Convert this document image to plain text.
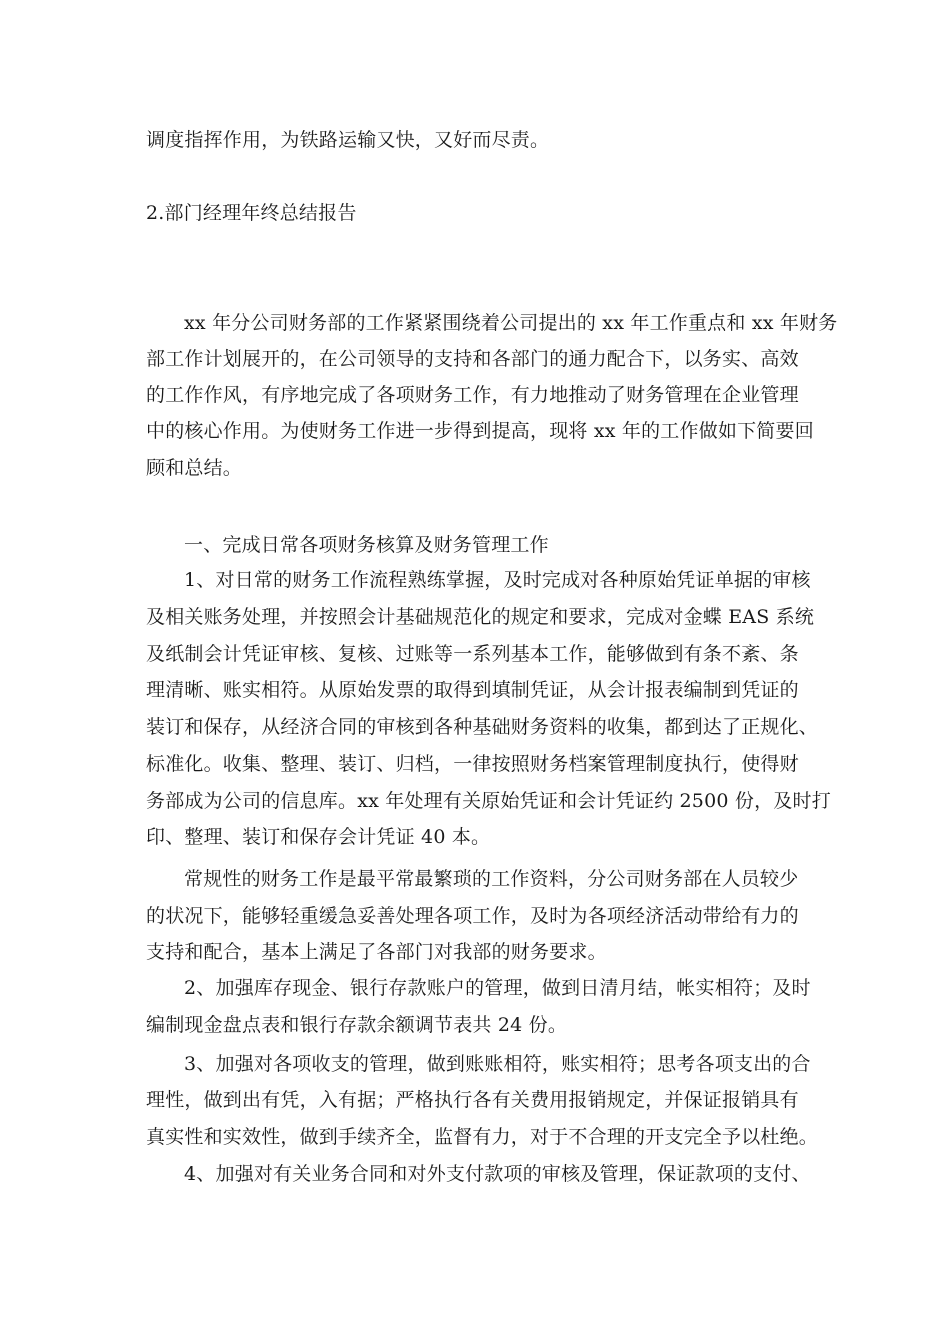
调度指挥作用，为铁路运输又快，又好而尽责。
2.部门经理年终总结报告
xx 年分公司财务部的工作紧紧围绕着公司提出的 xx 年工作重点和 xx 年财务
部工作计划展开的，在公司领导的支持和各部门的通力配合下，以务实、高效
的工作作风，有序地完成了各项财务工作，有力地推动了财务管理在企业管理
中的核心作用。为使财务工作进一步得到提高，现将 xx 年的工作做如下简要回
顾和总结。
一、完成日常各项财务核算及财务管理工作
1、对日常的财务工作流程熟练掌握，及时完成对各种原始凭证单据的审核
及相关账务处理，并按照会计基础规范化的规定和要求，完成对金蝶 EAS 系统
及纸制会计凭证审核、复核、过账等一系列基本工作，能够做到有条不紊、条
理清晰、账实相符。从原始发票的取得到填制凭证，从会计报表编制到凭证的
装订和保存，从经济合同的审核到各种基础财务资料的收集，都到达了正规化、
标准化。收集、整理、装订、归档，一律按照财务档案管理制度执行，使得财
务部成为公司的信息库。xx 年处理有关原始凭证和会计凭证约 2500 份，及时打
印、整理、装订和保存会计凭证 40 本。
常规性的财务工作是最平常最繁琐的工作资料，分公司财务部在人员较少
的状况下，能够轻重缓急妥善处理各项工作，及时为各项经济活动带给有力的
支持和配合，基本上满足了各部门对我部的财务要求。
2、加强库存现金、银行存款账户的管理，做到日清月结，帐实相符；及时
编制现金盘点表和银行存款余额调节表共 24 份。
3、加强对各项收支的管理，做到账账相符，账实相符；思考各项支出的合
理性，做到出有凭，入有据；严格执行各有关费用报销规定，并保证报销具有
真实性和实效性，做到手续齐全，监督有力，对于不合理的开支完全予以杜绝。
4、加强对有关业务合同和对外支付款项的审核及管理，保证款项的支付、
